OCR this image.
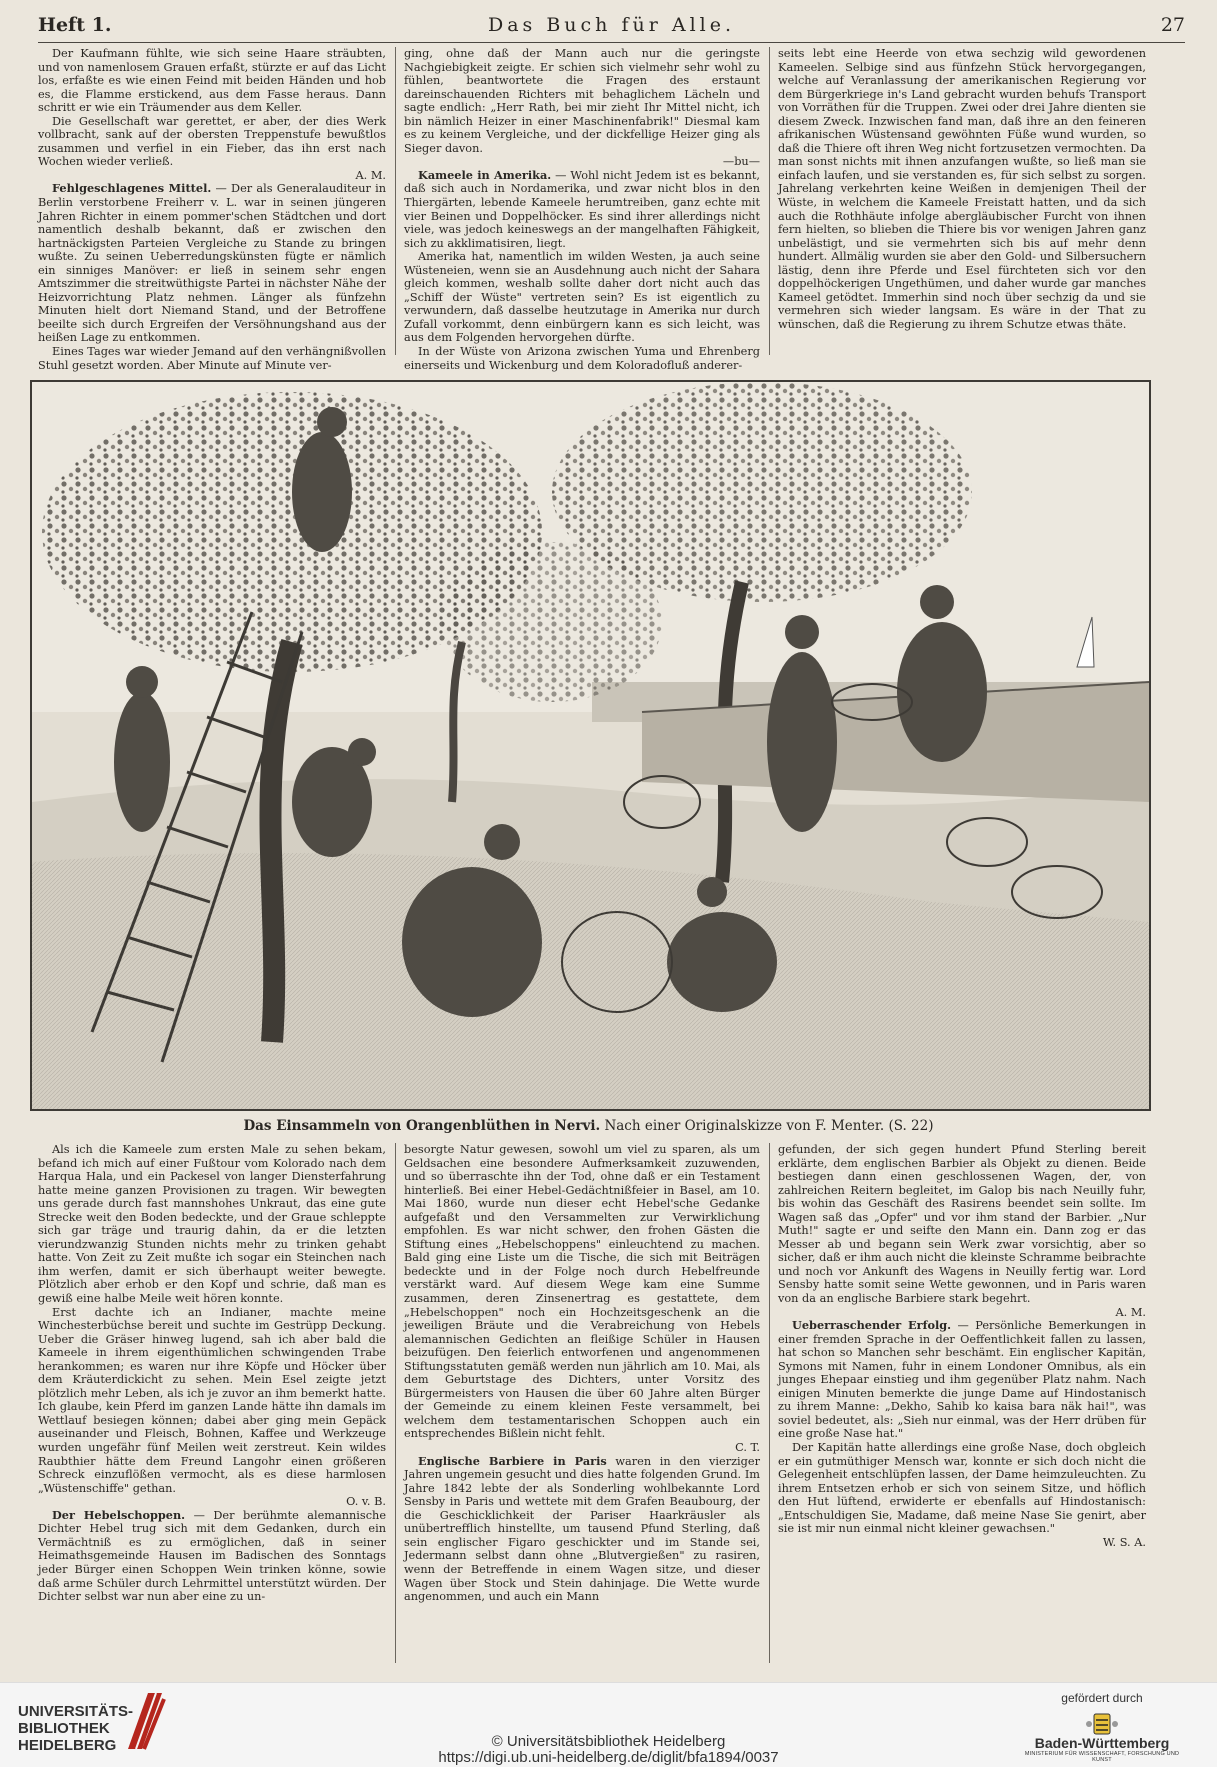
Heft 1.	Das Buch für Alle.	27

Der Kaufmann fühlte, wie sich seine Haare sträubten, und von namenlosem Grauen erfaßt, stürzte er auf das Licht los, erfaßte es wie einen Feind mit beiden Händen und hob es, die Flamme erstickend, aus dem Fasse heraus. Dann schritt er wie ein Träumender aus dem Keller.

Die Gesellschaft war gerettet, er aber, der dies Werk vollbracht, sank auf der obersten Treppenstufe bewußtlos zusammen und verfiel in ein Fieber, das ihn erst nach Wochen wieder verließ.

A. M.

Fehlgeschlagenes Mittel. — Der als Generalauditeur in Berlin verstorbene Freiherr v. L. war in seinen jüngeren Jahren Richter in einem pommer'schen Städtchen und dort namentlich deshalb bekannt, daß er zwischen den hartnäckigsten Parteien Vergleiche zu Stande zu bringen wußte. Zu seinen Ueberredungskünsten fügte er nämlich ein sinniges Manöver: er ließ in seinem sehr engen Amtszimmer die streitwüthigste Partei in nächster Nähe der Heizvorrichtung Platz nehmen. Länger als fünfzehn Minuten hielt dort Niemand Stand, und der Betroffene beeilte sich durch Ergreifen der Versöhnungshand aus der heißen Lage zu entkommen.

Eines Tages war wieder Jemand auf den verhängnißvollen Stuhl gesetzt worden. Aber Minute auf Minute ver-

ging, ohne daß der Mann auch nur die geringste Nachgiebigkeit zeigte. Er schien sich vielmehr sehr wohl zu fühlen, beantwortete die Fragen des erstaunt dareinschauenden Richters mit behaglichem Lächeln und sagte endlich: „Herr Rath, bei mir zieht Ihr Mittel nicht, ich bin nämlich Heizer in einer Maschinenfabrik!" Diesmal kam es zu keinem Vergleiche, und der dickfellige Heizer ging als Sieger davon.

—bu—

Kameele in Amerika. — Wohl nicht Jedem ist es bekannt, daß sich auch in Nordamerika, und zwar nicht blos in den Thiergärten, lebende Kameele herumtreiben, ganz echte mit vier Beinen und Doppelhöcker. Es sind ihrer allerdings nicht viele, was jedoch keineswegs an der mangelhaften Fähigkeit, sich zu akklimatisiren, liegt.

Amerika hat, namentlich im wilden Westen, ja auch seine Wüsteneien, wenn sie an Ausdehnung auch nicht der Sahara gleich kommen, weshalb sollte daher dort nicht auch das „Schiff der Wüste" vertreten sein? Es ist eigentlich zu verwundern, daß dasselbe heutzutage in Amerika nur durch Zufall vorkommt, denn einbürgern kann es sich leicht, was aus dem Folgenden hervorgehen dürfte.

In der Wüste von Arizona zwischen Yuma und Ehrenberg einerseits und Wickenburg und dem Koloradofluß anderer-

seits lebt eine Heerde von etwa sechzig wild gewordenen Kameelen. Selbige sind aus fünfzehn Stück hervorgegangen, welche auf Veranlassung der amerikanischen Regierung vor dem Bürgerkriege in's Land gebracht wurden behufs Transport von Vorräthen für die Truppen. Zwei oder drei Jahre dienten sie diesem Zweck. Inzwischen fand man, daß ihre an den feineren afrikanischen Wüstensand gewöhnten Füße wund wurden, so daß die Thiere oft ihren Weg nicht fortzusetzen vermochten. Da man sonst nichts mit ihnen anzufangen wußte, so ließ man sie einfach laufen, und sie verstanden es, für sich selbst zu sorgen. Jahrelang verkehrten keine Weißen in demjenigen Theil der Wüste, in welchem die Kameele Freistatt hatten, und da sich auch die Rothhäute infolge abergläubischer Furcht von ihnen fern hielten, so blieben die Thiere bis vor wenigen Jahren ganz unbelästigt, und sie vermehrten sich bis auf mehr denn hundert. Allmälig wurden sie aber den Gold- und Silbersuchern lästig, denn ihre Pferde und Esel fürchteten sich vor den doppelhöckerigen Ungethümen, und daher wurde gar manches Kameel getödtet. Immerhin sind noch über sechzig da und sie vermehren sich wieder langsam. Es wäre in der That zu wünschen, daß die Regierung zu ihrem Schutze etwas thäte.

Das Einsammeln von Orangenblüthen in Nervi. Nach einer Originalskizze von F. Menter. (S. 22)

Als ich die Kameele zum ersten Male zu sehen bekam, befand ich mich auf einer Fußtour vom Kolorado nach dem Harqua Hala, und ein Packesel von langer Diensterfahrung hatte meine ganzen Provisionen zu tragen. Wir bewegten uns gerade durch fast mannshohes Unkraut, das eine gute Strecke weit den Boden bedeckte, und der Graue schleppte sich gar träge und traurig dahin, da er die letzten vierundzwanzig Stunden nichts mehr zu trinken gehabt hatte. Von Zeit zu Zeit mußte ich sogar ein Steinchen nach ihm werfen, damit er sich überhaupt weiter bewegte. Plötzlich aber erhob er den Kopf und schrie, daß man es gewiß eine halbe Meile weit hören konnte.

Erst dachte ich an Indianer, machte meine Winchesterbüchse bereit und suchte im Gestrüpp Deckung. Ueber die Gräser hinweg lugend, sah ich aber bald die Kameele in ihrem eigenthümlichen schwingenden Trabe herankommen; es waren nur ihre Köpfe und Höcker über dem Kräuterdickicht zu sehen. Mein Esel zeigte jetzt plötzlich mehr Leben, als ich je zuvor an ihm bemerkt hatte. Ich glaube, kein Pferd im ganzen Lande hätte ihn damals im Wettlauf besiegen können; dabei aber ging mein Gepäck auseinander und Fleisch, Bohnen, Kaffee und Werkzeuge wurden ungefähr fünf Meilen weit zerstreut. Kein wildes Raubthier hätte dem Freund Langohr einen größeren Schreck einzuflößen vermocht, als es diese harmlosen „Wüstenschiffe" gethan.

O. v. B.

Der Hebelschoppen. — Der berühmte alemannische Dichter Hebel trug sich mit dem Gedanken, durch ein Vermächtniß es zu ermöglichen, daß in seiner Heimathsgemeinde Hausen im Badischen des Sonntags jeder Bürger einen Schoppen Wein trinken könne, sowie daß arme Schüler durch Lehrmittel unterstützt würden. Der Dichter selbst war nun aber eine zu un-

besorgte Natur gewesen, sowohl um viel zu sparen, als um Geldsachen eine besondere Aufmerksamkeit zuzuwenden, und so überraschte ihn der Tod, ohne daß er ein Testament hinterließ. Bei einer Hebel-Gedächtnißfeier in Basel, am 10. Mai 1860, wurde nun dieser echt Hebel'sche Gedanke aufgefaßt und den Versammelten zur Verwirklichung empfohlen. Es war nicht schwer, den frohen Gästen die Stiftung eines „Hebelschoppens" einleuchtend zu machen. Bald ging eine Liste um die Tische, die sich mit Beiträgen bedeckte und in der Folge noch durch Hebelfreunde verstärkt ward. Auf diesem Wege kam eine Summe zusammen, deren Zinsenertrag es gestattete, dem „Hebelschoppen" noch ein Hochzeitsgeschenk an die jeweiligen Bräute und die Verabreichung von Hebels alemannischen Gedichten an fleißige Schüler in Hausen beizufügen. Den feierlich entworfenen und angenommenen Stiftungsstatuten gemäß werden nun jährlich am 10. Mai, als dem Geburtstage des Dichters, unter Vorsitz des Bürgermeisters von Hausen die über 60 Jahre alten Bürger der Gemeinde zu einem kleinen Feste versammelt, bei welchem dem testamentarischen Schoppen auch ein entsprechendes Bißlein nicht fehlt.

C. T.

Englische Barbiere in Paris waren in den vierziger Jahren ungemein gesucht und dies hatte folgenden Grund. Im Jahre 1842 lebte der als Sonderling wohlbekannte Lord Sensby in Paris und wettete mit dem Grafen Beaubourg, der die Geschicklichkeit der Pariser Haarkräusler als unübertrefflich hinstellte, um tausend Pfund Sterling, daß sein englischer Figaro geschickter und im Stande sei, Jedermann selbst dann ohne „Blutvergießen" zu rasiren, wenn der Betreffende in einem Wagen sitze, und dieser Wagen über Stock und Stein dahinjage. Die Wette wurde angenommen, und auch ein Mann

gefunden, der sich gegen hundert Pfund Sterling bereit erklärte, dem englischen Barbier als Objekt zu dienen. Beide bestiegen dann einen geschlossenen Wagen, der, von zahlreichen Reitern begleitet, im Galop bis nach Neuilly fuhr, bis wohin das Geschäft des Rasirens beendet sein sollte. Im Wagen saß das „Opfer" und vor ihm stand der Barbier. „Nur Muth!" sagte er und seifte den Mann ein. Dann zog er das Messer ab und begann sein Werk zwar vorsichtig, aber so sicher, daß er ihm auch nicht die kleinste Schramme beibrachte und noch vor Ankunft des Wagens in Neuilly fertig war. Lord Sensby hatte somit seine Wette gewonnen, und in Paris waren von da an englische Barbiere stark begehrt.

A. M.

Ueberraschender Erfolg. — Persönliche Bemerkungen in einer fremden Sprache in der Oeffentlichkeit fallen zu lassen, hat schon so Manchen sehr beschämt. Ein englischer Kapitän, Symons mit Namen, fuhr in einem Londoner Omnibus, als ein junges Ehepaar einstieg und ihm gegenüber Platz nahm. Nach einigen Minuten bemerkte die junge Dame auf Hindostanisch zu ihrem Manne: „Dekho, Sahib ko kaisa bara näk hai!", was soviel bedeutet, als: „Sieh nur einmal, was der Herr drüben für eine große Nase hat."

Der Kapitän hatte allerdings eine große Nase, doch obgleich er ein gutmüthiger Mensch war, konnte er sich doch nicht die Gelegenheit entschlüpfen lassen, der Dame heimzuleuchten. Zu ihrem Entsetzen erhob er sich von seinem Sitze, und höflich den Hut lüftend, erwiderte er ebenfalls auf Hindostanisch: „Entschuldigen Sie, Madame, daß meine Nase Sie genirt, aber sie ist mir nun einmal nicht kleiner gewachsen."

W. S. A.

UNIVERSITÄTS-
BIBLIOTHEK
HEIDELBERG	© Universitätsbibliothek Heidelberg
https://digi.ub.uni-heidelberg.de/diglit/bfa1894/0037
gefördert durch
Baden-Württemberg
MINISTERIUM FÜR WISSENSCHAFT, FORSCHUNG UND KUNST
